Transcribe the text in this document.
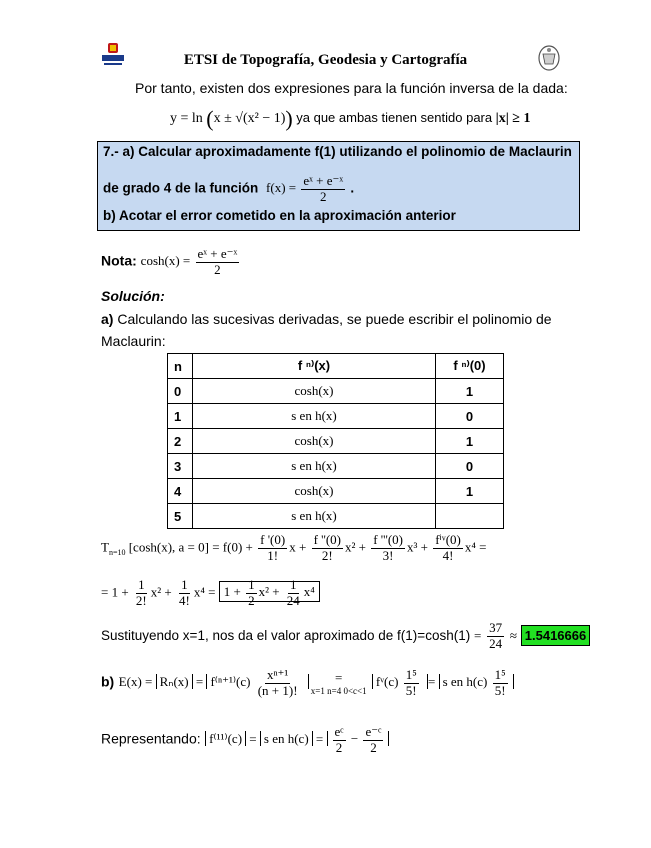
ETSI de Topografía, Geodesia y Cartografía
Por tanto, existen dos expresiones para la función inversa de la dada:
y = ln (x ± √(x² − 1)) ya que ambas tienen sentido para |x| ≥ 1
7.- a) Calcular aproximadamente f(1) utilizando el polinomio de Maclaurin
de grado 4 de la función $f(x) = \frac{\text{eˣ + e⁻ˣ}}{2}$ .
b) Acotar el error cometido en la aproximación anterior
Nota: $\cosh(x) = \frac{\text{eˣ + e⁻ˣ}}{2}$
Solución:
a) Calculando las sucesivas derivadas, se puede escribir el polinomio de
Maclaurin:
n	f ⁿ⁾(x)	f ⁿ⁾(0)
0	cosh(x)	1
1	s en h(x)	0
2	cosh(x)	1
3	s en h(x)	0
4	cosh(x)	1
5	s en h(x)	
$T_{n=10}$ [cosh(x), $a = 0] = f(0) + \frac{f '(0)}{1!}$ $x + \frac{f ''(0)}{2!} x^2 + \frac{f '''(0)}{3!} x^3 + \frac{\text{fⁱᵛ(0)}}{4!} x^4$ =
= $1 + \frac{1}{2!} x^2 + \frac{1}{4!} x^4 = 1 + \frac{1}{2} x^2 + \frac{1}{24} x^4$
Sustituyendo x=1, nos da el valor aproximado de $f(1)=\cosh(1) = \frac{37}{24} \approx 1.5416666$
b) $E(x) = R_n(x) = f^{(n+1)}(c) \frac{\text{xⁿ⁺¹}}{(n + 1)!}$
	=
x=1 n=4 0<c<1
fᵛ(c) $\frac{\text{1⁵}}{5!} = s$ en $h(c) \frac{\text{1⁵}}{5!}$
Representando: f⁽¹¹⁾(c) = s en $h(c) = \frac{\text{eᶜ}}{2} - \frac{\text{e⁻ᶜ}}{2}$
